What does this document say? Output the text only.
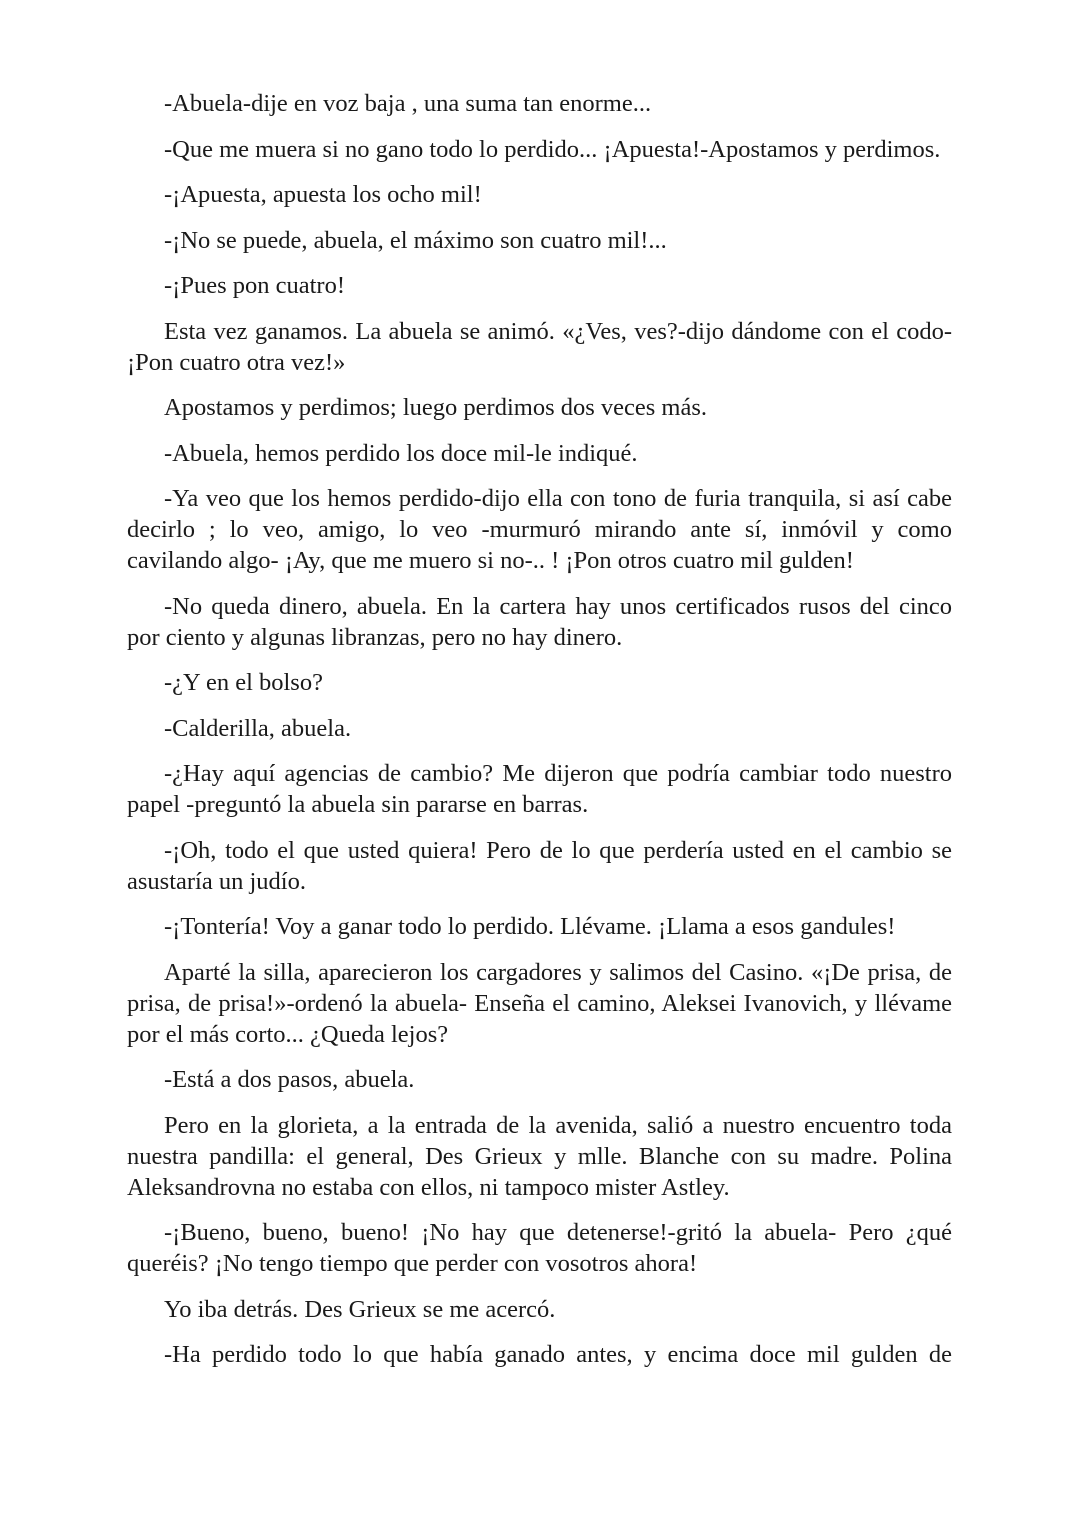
-Abuela-dije en voz baja , una suma tan enorme...

-Que me muera si no gano todo lo perdido... ¡Apuesta!-Apostamos y perdimos.

-¡Apuesta, apuesta los ocho mil!

-¡No se puede, abuela, el máximo son cuatro mil!...

-¡Pues pon cuatro!

Esta vez ganamos. La abuela se animó. «¿Ves, ves?-dijo dándome con el codo- ¡Pon cuatro otra vez!»

Apostamos y perdimos; luego perdimos dos veces más.

-Abuela, hemos perdido los doce mil-le indiqué.

-Ya veo que los hemos perdido-dijo ella con tono de furia tranquila, si así cabe decirlo ; lo veo, amigo, lo veo -murmuró mirando ante sí, inmóvil y como cavilando algo- ¡Ay, que me muero si no-.. ! ¡Pon otros cuatro mil gulden!

-No queda dinero, abuela. En la cartera hay unos certificados rusos del cinco por ciento y algunas libranzas, pero no hay dinero.

-¿Y en el bolso?

-Calderilla, abuela.

-¿Hay aquí agencias de cambio? Me dijeron que podría cambiar todo nuestro papel -preguntó la abuela sin pararse en barras.

-¡Oh, todo el que usted quiera! Pero de lo que perdería usted en el cambio se asustaría un judío.

-¡Tontería! Voy a ganar todo lo perdido. Llévame. ¡Llama a esos gandules!

Aparté la silla, aparecieron los cargadores y salimos del Casino. «¡De prisa, de prisa, de prisa!»-ordenó la abuela- Enseña el camino, Aleksei Ivanovich, y llévame por el más corto... ¿Queda lejos?

-Está a dos pasos, abuela.

Pero en la glorieta, a la entrada de la avenida, salió a nuestro encuentro toda nuestra pandilla: el general, Des Grieux y mlle. Blanche con su madre. Polina Aleksandrovna no estaba con ellos, ni tampoco mister Astley.

-¡Bueno, bueno, bueno! ¡No hay que detenerse!-gritó la abuela- Pero ¿qué queréis? ¡No tengo tiempo que perder con vosotros ahora!

Yo iba detrás. Des Grieux se me acercó.

-Ha perdido todo lo que había ganado antes, y encima doce mil gulden de
